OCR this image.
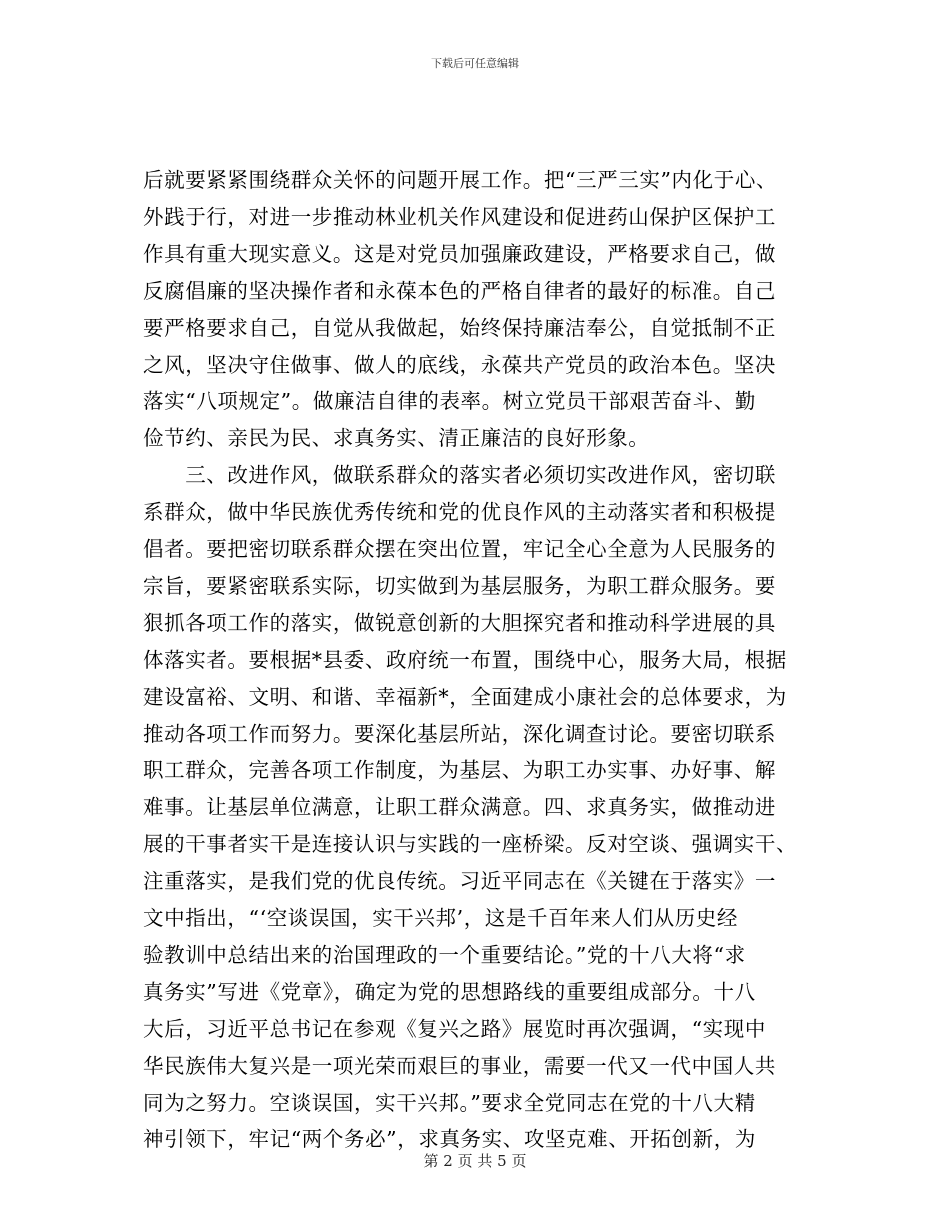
下载后可任意编辑
后就要紧紧围绕群众关怀的问题开展工作。把“三严三实”内化于心、
外践于行，对进一步推动林业机关作风建设和促进药山保护区保护工
作具有重大现实意义。这是对党员加强廉政建设，严格要求自己，做
反腐倡廉的坚决操作者和永葆本色的严格自律者的最好的标准。自己
要严格要求自己，自觉从我做起，始终保持廉洁奉公，自觉抵制不正
之风，坚决守住做事、做人的底线，永葆共产党员的政治本色。坚决
落实“八项规定”。做廉洁自律的表率。树立党员干部艰苦奋斗、勤
俭节约、亲民为民、求真务实、清正廉洁的良好形象。
　　三、改进作风，做联系群众的落实者必须切实改进作风，密切联
系群众，做中华民族优秀传统和党的优良作风的主动落实者和积极提
倡者。要把密切联系群众摆在突出位置，牢记全心全意为人民服务的
宗旨，要紧密联系实际，切实做到为基层服务，为职工群众服务。要
狠抓各项工作的落实，做锐意创新的大胆探究者和推动科学进展的具
体落实者。要根据*县委、政府统一布置，围绕中心，服务大局，根据
建设富裕、文明、和谐、幸福新*，全面建成小康社会的总体要求，为
推动各项工作而努力。要深化基层所站，深化调查讨论。要密切联系
职工群众，完善各项工作制度，为基层、为职工办实事、办好事、解
难事。让基层单位满意，让职工群众满意。四、求真务实，做推动进
展的干事者实干是连接认识与实践的一座桥梁。反对空谈、强调实干、
注重落实，是我们党的优良传统。习近平同志在《关键在于落实》一
文中指出，“‘空谈误国，实干兴邦’，这是千百年来人们从历史经
验教训中总结出来的治国理政的一个重要结论。”党的十八大将“求
真务实”写进《党章》，确定为党的思想路线的重要组成部分。十八
大后，习近平总书记在参观《复兴之路》展览时再次强调，“实现中
华民族伟大复兴是一项光荣而艰巨的事业，需要一代又一代中国人共
同为之努力。空谈误国，实干兴邦。”要求全党同志在党的十八大精
神引领下，牢记“两个务必”，求真务实、攻坚克难、开拓创新，为
第 2 页 共 5 页
